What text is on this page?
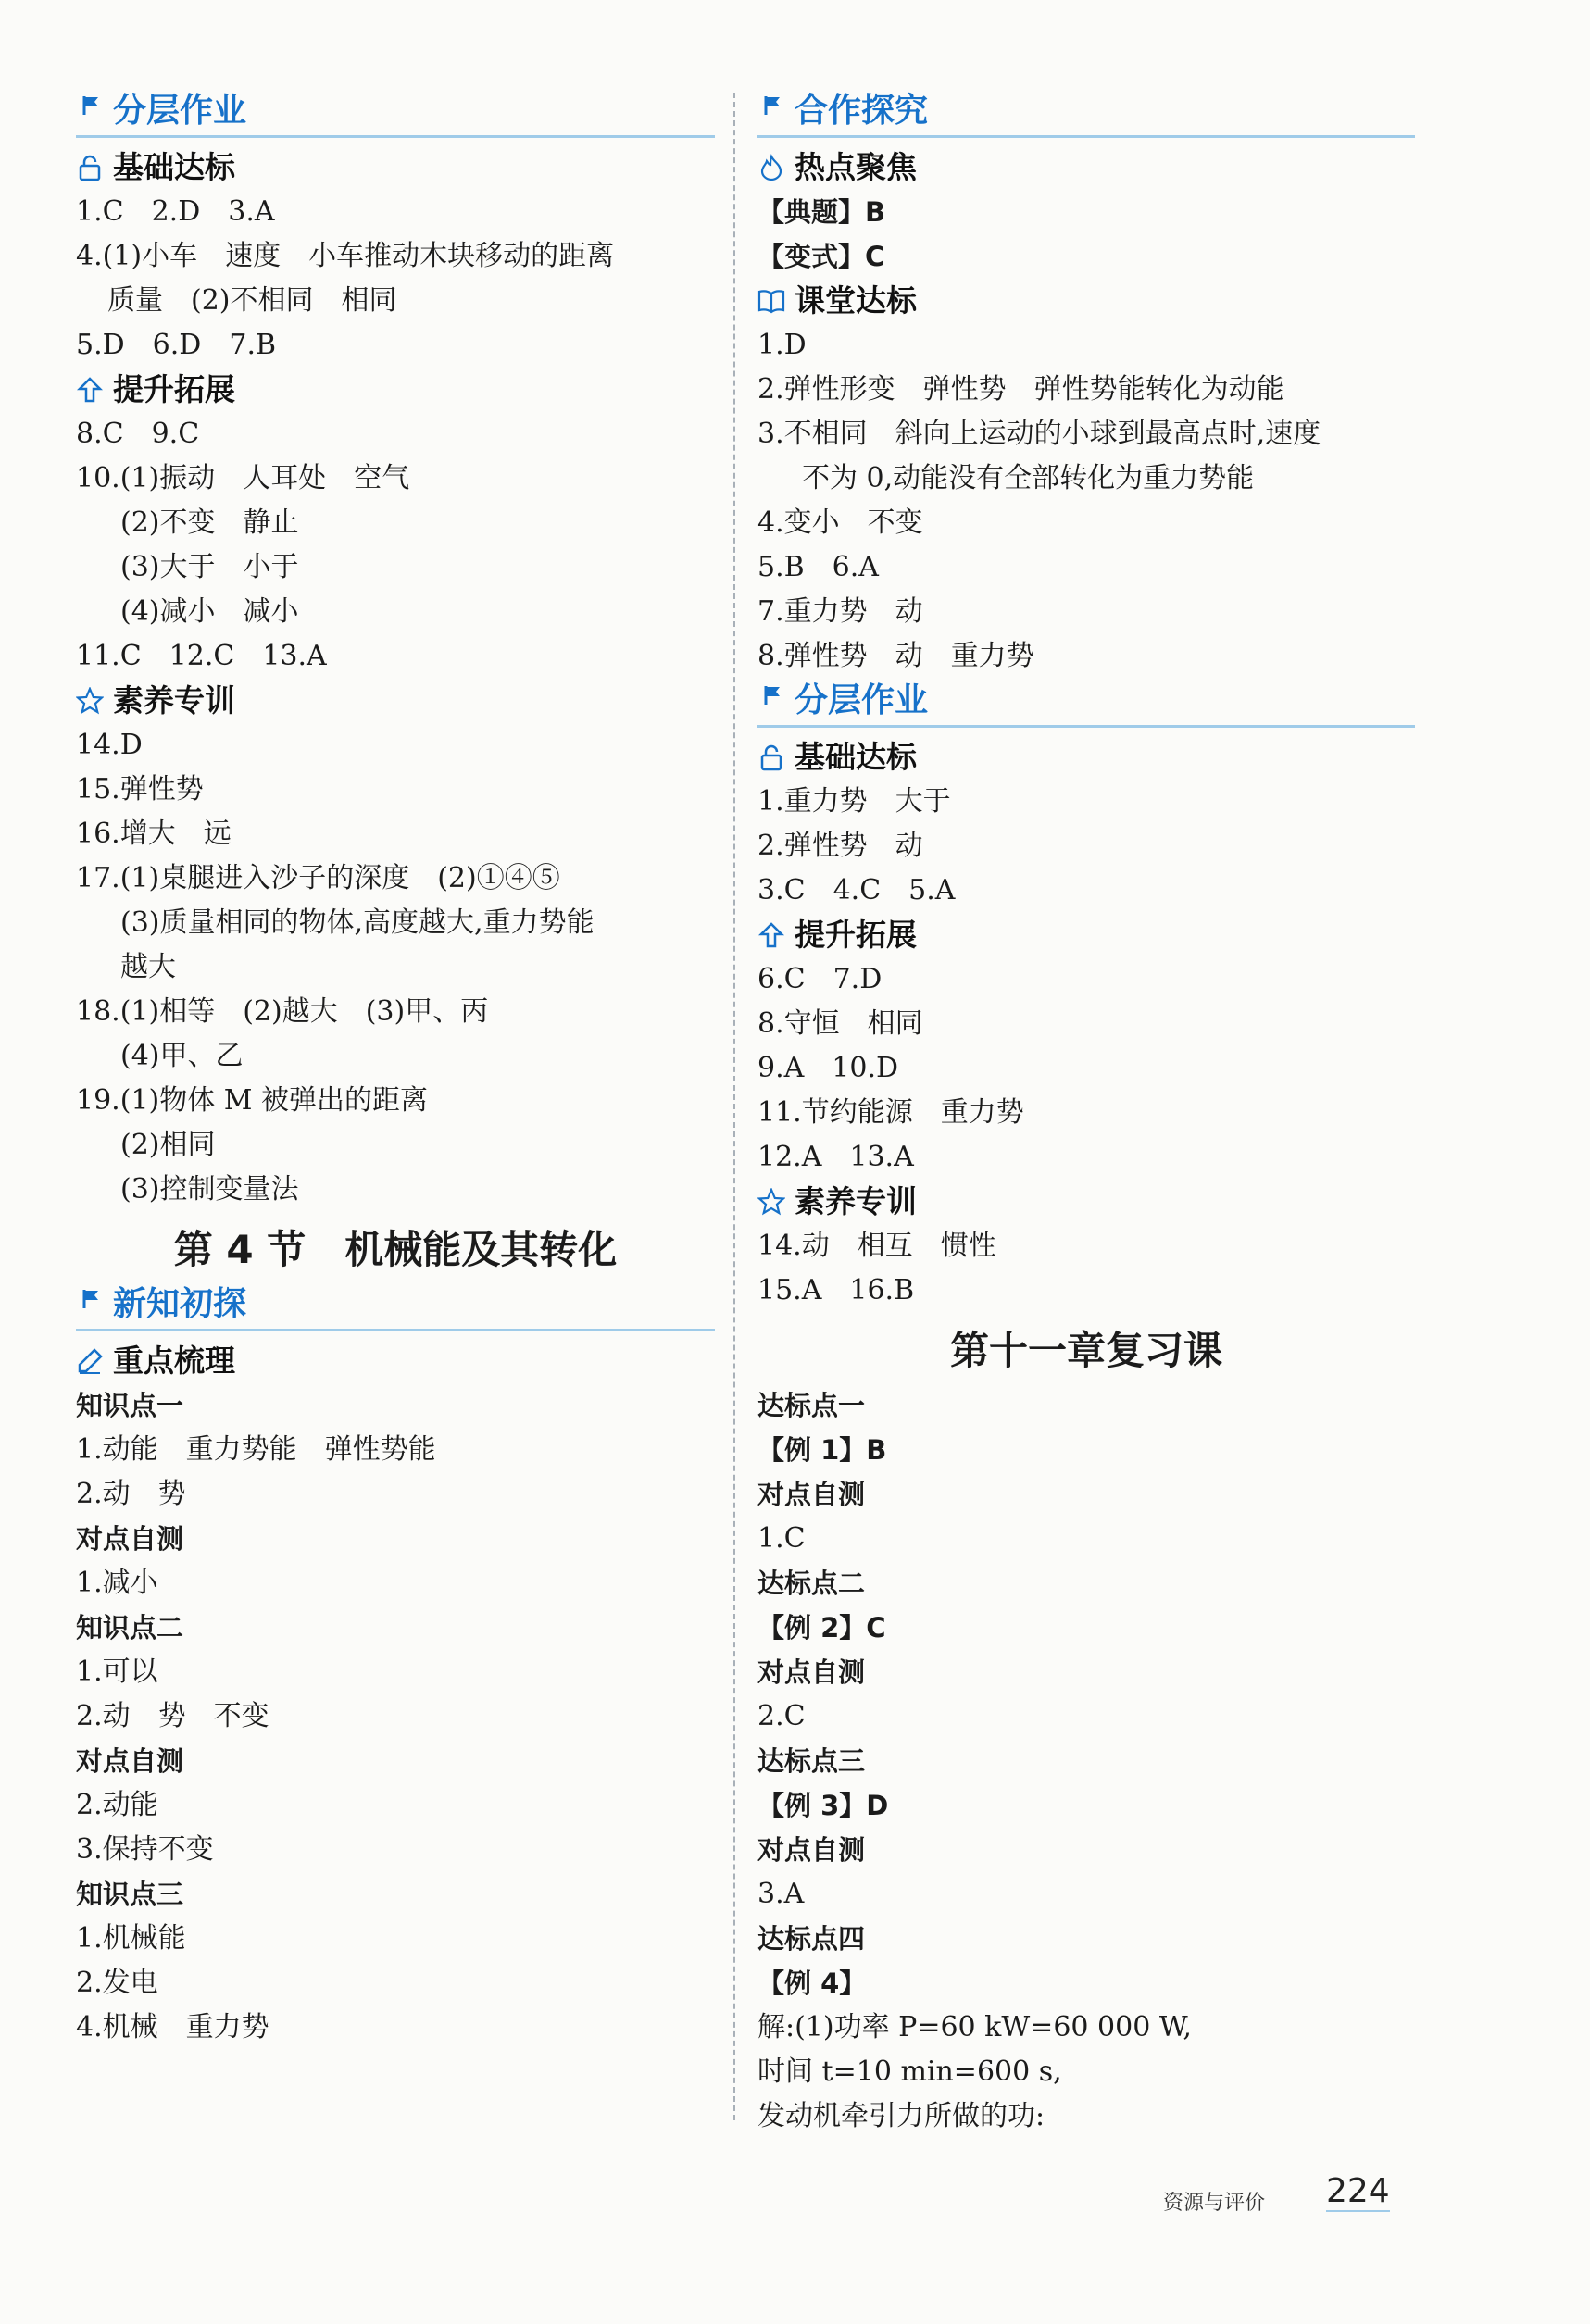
分层作业
基础达标
1.C　2.D　3.A
4.(1)小车　速度　小车推动木块移动的距离
质量　(2)不相同　相同
5.D　6.D　7.B
提升拓展
8.C　9.C
10.(1)振动　人耳处　空气
(2)不变　静止
(3)大于　小于
(4)减小　减小
11.C　12.C　13.A
素养专训
14.D
15.弹性势
16.增大　远
17.(1)桌腿进入沙子的深度　(2)①④⑤
(3)质量相同的物体,高度越大,重力势能
越大
18.(1)相等　(2)越大　(3)甲、丙
(4)甲、乙
19.(1)物体 M 被弹出的距离
(2)相同
(3)控制变量法
第 4 节　机械能及其转化
新知初探
重点梳理
知识点一
1.动能　重力势能　弹性势能
2.动　势
对点自测
1.减小
知识点二
1.可以
2.动　势　不变
对点自测
2.动能
3.保持不变
知识点三
1.机械能
2.发电
4.机械　重力势
合作探究
热点聚焦
【典题】B
【变式】C
课堂达标
1.D
2.弹性形变　弹性势　弹性势能转化为动能
3.不相同　斜向上运动的小球到最高点时,速度
不为 0,动能没有全部转化为重力势能
4.变小　不变
5.B　6.A
7.重力势　动
8.弹性势　动　重力势
分层作业
基础达标
1.重力势　大于
2.弹性势　动
3.C　4.C　5.A
提升拓展
6.C　7.D
8.守恒　相同
9.A　10.D
11.节约能源　重力势
12.A　13.A
素养专训
14.动　相互　惯性
15.A　16.B
第十一章复习课
达标点一
【例 1】B
对点自测
1.C
达标点二
【例 2】C
对点自测
2.C
达标点三
【例 3】D
对点自测
3.A
达标点四
【例 4】
解:(1)功率 P=60 kW=60 000 W,
时间 t=10 min=600 s,
发动机牵引力所做的功:
资源与评价 224
